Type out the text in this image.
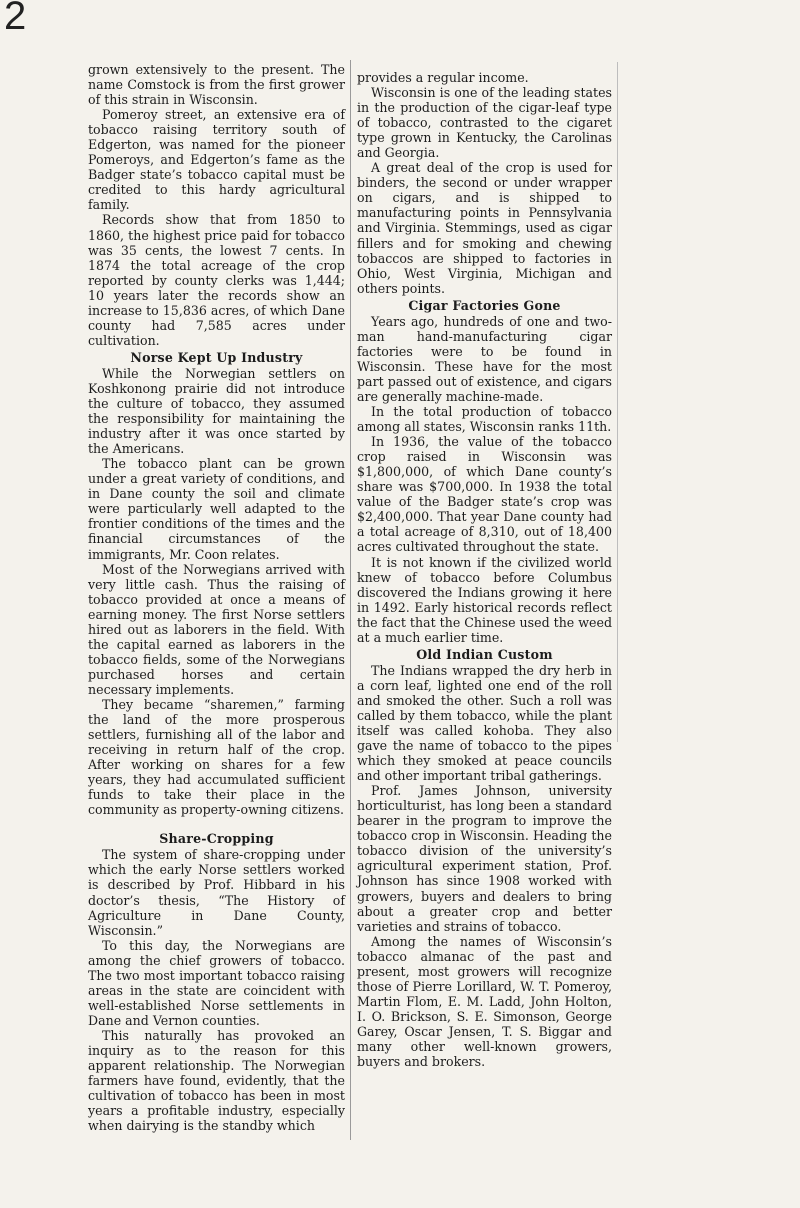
2

grown extensively to the present. The name Comstock is from the first grower of this strain in Wisconsin.

Pomeroy street, an extensive era of tobacco raising territory south of Edgerton, was named for the pioneer Pomeroys, and Edgerton’s fame as the Badger state’s tobacco capital must be credited to this hardy agricultural family.

Records show that from 1850 to 1860, the highest price paid for tobacco was 35 cents, the lowest 7 cents. In 1874 the total acreage of the crop reported by county clerks was 1,444; 10 years later the records show an increase to 15,836 acres, of which Dane county had 7,585 acres under cultivation.

Norse Kept Up Industry

While the Norwegian settlers on Koshkonong prairie did not introduce the culture of tobacco, they assumed the responsibility for maintaining the industry after it was once started by the Americans.

The tobacco plant can be grown under a great variety of conditions, and in Dane county the soil and climate were particularly well adapted to the frontier conditions of the times and the financial circumstances of the immigrants, Mr. Coon relates.

Most of the Norwegians arrived with very little cash. Thus the raising of tobacco provided at once a means of earning money. The first Norse settlers hired out as laborers in the field. With the capital earned as laborers in the tobacco fields, some of the Norwegians purchased horses and certain necessary implements.

They became “sharemen,” farming the land of the more prosperous settlers, furnishing all of the labor and receiving in return half of the crop. After working on shares for a few years, they had accumulated sufficient funds to take their place in the community as property-owning citizens.

Share-Cropping

The system of share-cropping under which the early Norse settlers worked is described by Prof. Hibbard in his doctor’s thesis, “The History of Agriculture in Dane County, Wisconsin.”

To this day, the Norwegians are among the chief growers of tobacco. The two most important tobacco raising areas in the state are coincident with well-established Norse settlements in Dane and Vernon counties.

This naturally has provoked an inquiry as to the reason for this apparent relationship. The Norwegian farmers have found, evidently, that the cultivation of tobacco has been in most years a profitable industry, especially when dairying is the standby which

provides a regular income.

Wisconsin is one of the leading states in the production of the cigar-leaf type of tobacco, contrasted to the cigaret type grown in Kentucky, the Carolinas and Georgia.

A great deal of the crop is used for binders, the second or under wrapper on cigars, and is shipped to manufacturing points in Pennsylvania and Virginia. Stemmings, used as cigar fillers and for smoking and chewing tobaccos are shipped to factories in Ohio, West Virginia, Michigan and others points.

Cigar Factories Gone

Years ago, hundreds of one and two-man hand-manufacturing cigar factories were to be found in Wisconsin. These have for the most part passed out of existence, and cigars are generally machine-made.

In the total production of tobacco among all states, Wisconsin ranks 11th.

In 1936, the value of the tobacco crop raised in Wisconsin was $1,800,000, of which Dane county’s share was $700,000. In 1938 the total value of the Badger state’s crop was $2,400,000. That year Dane county had a total acreage of 8,310, out of 18,400 acres cultivated throughout the state.

It is not known if the civilized world knew of tobacco before Columbus discovered the Indians growing it here in 1492. Early historical records reflect the fact that the Chinese used the weed at a much earlier time.

Old Indian Custom

The Indians wrapped the dry herb in a corn leaf, lighted one end of the roll and smoked the other. Such a roll was called by them tobacco, while the plant itself was called kohoba. They also gave the name of tobacco to the pipes which they smoked at peace councils and other important tribal gatherings.

Prof. James Johnson, university horticulturist, has long been a standard bearer in the program to improve the tobacco crop in Wisconsin. Heading the tobacco division of the university’s agricultural experiment station, Prof. Johnson has since 1908 worked with growers, buyers and dealers to bring about a greater crop and better varieties and strains of tobacco.

Among the names of Wisconsin’s tobacco almanac of the past and present, most growers will recognize those of Pierre Lorillard, W. T. Pomeroy, Martin Flom, E. M. Ladd, John Holton, I. O. Brickson, S. E. Simonson, George Garey, Oscar Jensen, T. S. Biggar and many other well-known growers, buyers and brokers.
